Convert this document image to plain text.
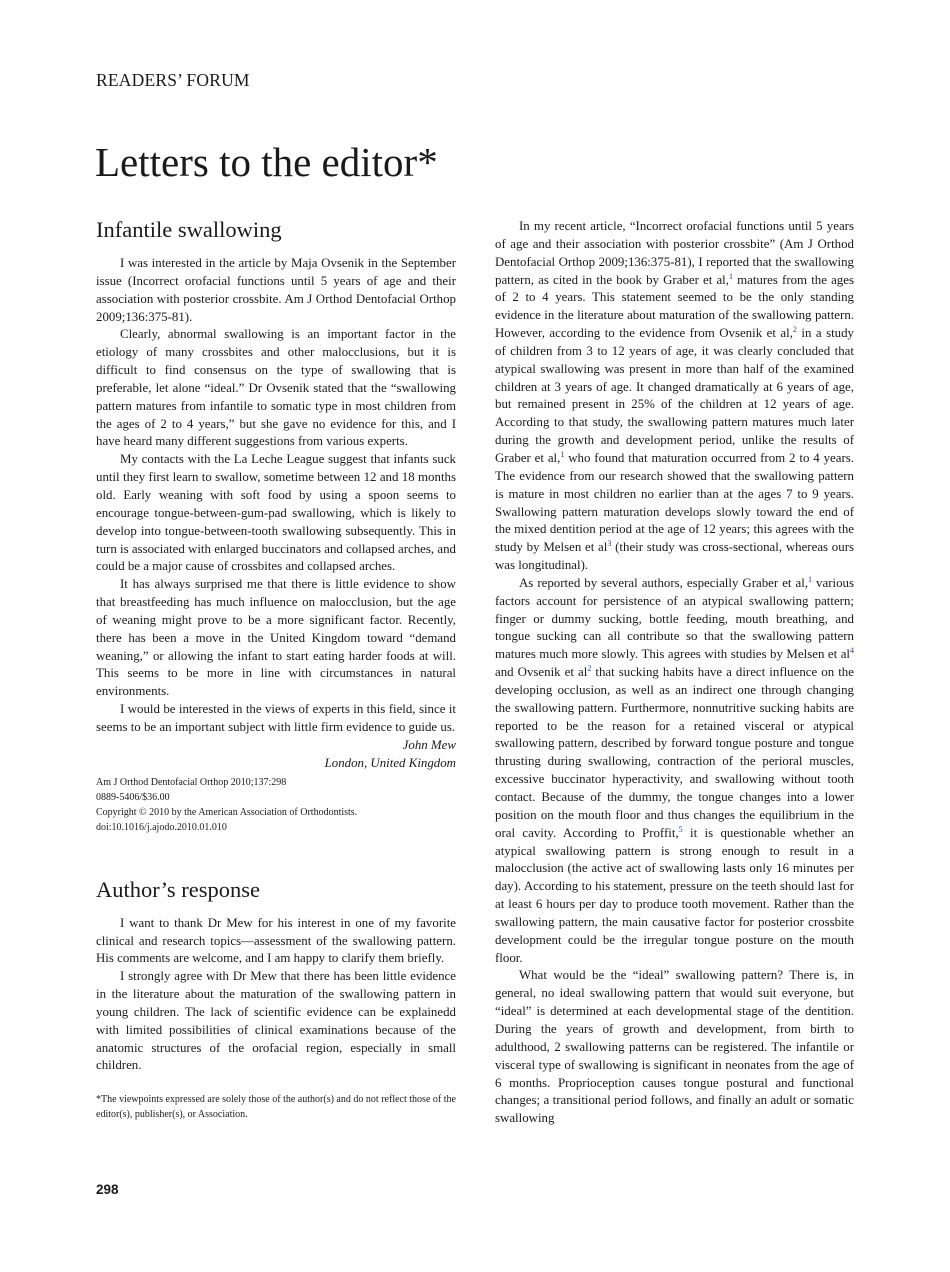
READERS’ FORUM
Letters to the editor*
Infantile swallowing

I was interested in the article by Maja Ovsenik in the September issue (Incorrect orofacial functions until 5 years of age and their association with posterior crossbite. Am J Orthod Dentofacial Orthop 2009;136:375-81).

Clearly, abnormal swallowing is an important factor in the etiology of many crossbites and other malocclusions, but it is difficult to find consensus on the type of swallowing that is preferable, let alone “ideal.” Dr Ovsenik stated that the “swallowing pattern matures from infantile to somatic type in most children from the ages of 2 to 4 years,” but she gave no evidence for this, and I have heard many different suggestions from various experts.

My contacts with the La Leche League suggest that infants suck until they first learn to swallow, sometime between 12 and 18 months old. Early weaning with soft food by using a spoon seems to encourage tongue-between-gum-pad swallowing, which is likely to develop into tongue-between-tooth swallowing subsequently. This in turn is associated with enlarged buccinators and collapsed arches, and could be a major cause of crossbites and collapsed arches.

It has always surprised me that there is little evidence to show that breastfeeding has much influence on malocclusion, but the age of weaning might prove to be a more significant factor. Recently, there has been a move in the United Kingdom toward “demand weaning,” or allowing the infant to start eating harder foods at will. This seems to be more in line with circumstances in natural environments.

I would be interested in the views of experts in this field, since it seems to be an important subject with little firm evidence to guide us.

John Mew
London, United Kingdom
Am J Orthod Dentofacial Orthop 2010;137:298
0889-5406/$36.00
Copyright © 2010 by the American Association of Orthodontists.
doi:10.1016/j.ajodo.2010.01.010
Author’s response

I want to thank Dr Mew for his interest in one of my favorite clinical and research topics—assessment of the swallowing pattern. His comments are welcome, and I am happy to clarify them briefly.

I strongly agree with Dr Mew that there has been little evidence in the literature about the maturation of the swallowing pattern in young children. The lack of scientific evidence can be explainedd with limited possibilities of clinical examinations because of the anatomic structures of the orofacial region, especially in small children.

*The viewpoints expressed are solely those of the author(s) and do not reflect those of the editor(s), publisher(s), or Association.

In my recent article, “Incorrect orofacial functions until 5 years of age and their association with posterior crossbite” (Am J Orthod Dentofacial Orthop 2009;136:375-81), I reported that the swallowing pattern, as cited in the book by Graber et al,$^1$ matures from the ages of 2 to 4 years. This statement seemed to be the only standing evidence in the literature about maturation of the swallowing pattern. However, according to the evidence from Ovsenik et al,$^2$ in a study of children from 3 to 12 years of age, it was clearly concluded that atypical swallowing was present in more than half of the examined children at 3 years of age. It changed dramatically at 6 years of age, but remained present in 25% of the children at 12 years of age. According to that study, the swallowing pattern matures much later during the growth and development period, unlike the results of Graber et al,$^1$ who found that maturation occurred from 2 to 4 years. The evidence from our research showed that the swallowing pattern is mature in most children no earlier than at the ages 7 to 9 years. Swallowing pattern maturation develops slowly toward the end of the mixed dentition period at the age of 12 years; this agrees with the study by Melsen et $al^3$ (their study was cross-sectional, whereas ours was longitudinal).

As reported by several authors, especially Graber et al,$^1$ various factors account for persistence of an atypical swallowing pattern; finger or dummy sucking, bottle feeding, mouth breathing, and tongue sucking can all contribute so that the swallowing pattern matures much more slowly. This agrees with studies by Melsen et $al^4$ and Ovsenik et $al^2$ that sucking habits have a direct influence on the developing occlusion, as well as an indirect one through changing the swallowing pattern. Furthermore, nonnutritive sucking habits are reported to be the reason for a retained visceral or atypical swallowing pattern, described by forward tongue posture and tongue thrusting during swallowing, contraction of the perioral muscles, excessive buccinator hyperactivity, and swallowing without tooth contact. Because of the dummy, the tongue changes into a lower position on the mouth floor and thus changes the equilibrium in the oral cavity. According to Proffit,$^5$ it is questionable whether an atypical swallowing pattern is strong enough to result in a malocclusion (the active act of swallowing lasts only 16 minutes per day). According to his statement, pressure on the teeth should last for at least 6 hours per day to produce tooth movement. Rather than the swallowing pattern, the main causative factor for posterior crossbite development could be the irregular tongue posture on the mouth floor.

What would be the “ideal” swallowing pattern? There is, in general, no ideal swallowing pattern that would suit everyone, but “ideal” is determined at each developmental stage of the dentition. During the years of growth and development, from birth to adulthood, 2 swallowing patterns can be registered. The infantile or visceral type of swallowing is significant in neonates from the age of 6 months. Proprioception causes tongue postural and functional changes; a transitional period follows, and finally an adult or somatic swallowing

298
